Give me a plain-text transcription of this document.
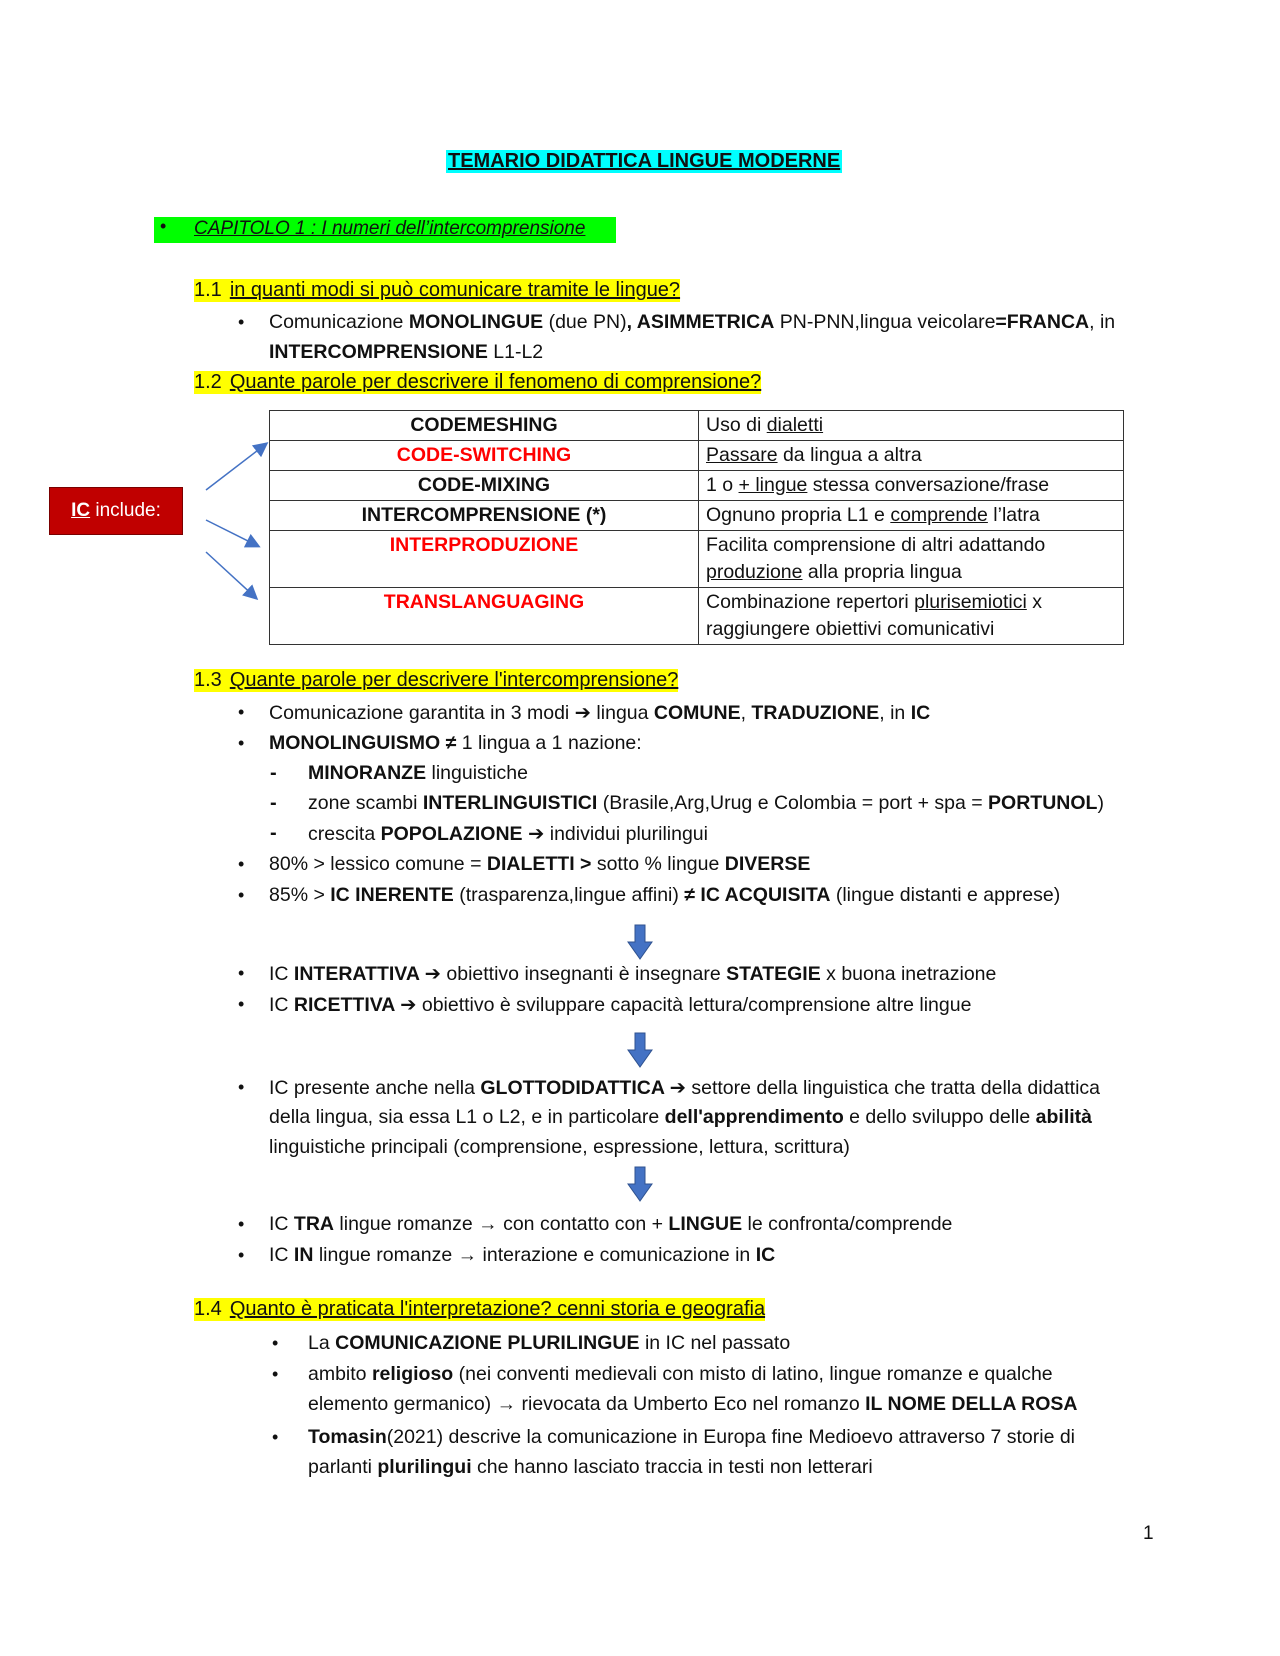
TEMARIO DIDATTICA LINGUE MODERNE
• CAPITOLO 1 : I numeri dell’intercomprensione
1.1 in quanti modi si può comunicare tramite le lingue?
• Comunicazione MONOLINGUE (due PN), ASIMMETRICA PN-PNN,lingua veicolare=FRANCA, in
INTERCOMPRENSIONE L1-L2
1.2 Quante parole per descrivere il fenomeno di comprensione?
IC include:
CODEMESHING	Uso di dialetti
CODE-SWITCHING	Passare da lingua a altra
CODE-MIXING	1 o + lingue stessa conversazione/frase
INTERCOMPRENSIONE (*)	Ognuno propria L1 e comprende l’latra
INTERPRODUZIONE	Facilita comprensione di altri adattando
produzione alla propria lingua
TRANSLANGUAGING	Combinazione repertori plurisemiotici x
raggiungere obiettivi comunicativi
1.3 Quante parole per descrivere l'intercomprensione?
• Comunicazione garantita in 3 modi ➔ lingua COMUNE, TRADUZIONE, in IC
• MONOLINGUISMO ≠ 1 lingua a 1 nazione:
- MINORANZE linguistiche
- zone scambi INTERLINGUISTICI (Brasile,Arg,Urug e Colombia = port + spa = PORTUNOL)
- crescita POPOLAZIONE ➔ individui plurilingui
• 80% > lessico comune = DIALETTI > sotto % lingue DIVERSE
• 85% > IC INERENTE (trasparenza,lingue affini) ≠ IC ACQUISITA (lingue distanti e apprese)
• IC INTERATTIVA ➔ obiettivo insegnanti è insegnare STATEGIE x buona inetrazione
• IC RICETTIVA ➔ obiettivo è sviluppare capacità lettura/comprensione altre lingue
• IC presente anche nella GLOTTODIDATTICA ➔ settore della linguistica che tratta della didattica
della lingua, sia essa L1 o L2, e in particolare dell'apprendimento e dello sviluppo delle abilità
linguistiche principali (comprensione, espressione, lettura, scrittura)
• IC TRA lingue romanze → con contatto con + LINGUE le confronta/comprende
• IC IN lingue romanze → interazione e comunicazione in IC
1.4 Quanto è praticata l'interpretazione? cenni storia e geografia
• La COMUNICAZIONE PLURILINGUE in IC nel passato
• ambito religioso (nei conventi medievali con misto di latino, lingue romanze e qualche
elemento germanico) → rievocata da Umberto Eco nel romanzo IL NOME DELLA ROSA
• Tomasin(2021) descrive la comunicazione in Europa fine Medioevo attraverso 7 storie di
parlanti plurilingui che hanno lasciato traccia in testi non letterari
1
